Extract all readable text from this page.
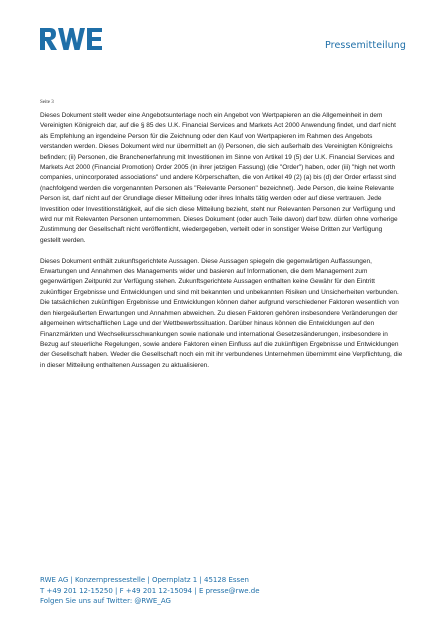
Pressemitteilung
Seite 3

Dieses Dokument stellt weder eine Angebotsunterlage noch ein Angebot von Wertpapieren an die Allgemeinheit in dem Vereinigten Königreich dar, auf die § 85 des U.K. Financial Services and Markets Act 2000 Anwendung findet, und darf nicht als Empfehlung an irgendeine Person für die Zeichnung oder den Kauf von Wertpapieren im Rahmen des Angebots verstanden werden. Dieses Dokument wird nur übermittelt an (i) Personen, die sich außerhalb des Vereinigten Königreichs befinden; (ii) Personen, die Branchenerfahrung mit Investitionen im Sinne von Artikel 19 (5) der U.K. Financial Services and Markets Act 2000 (Financial Promotion) Order 2005 (in ihrer jetzigen Fassung) (die "Order") haben, oder (iii) "high net worth companies, unincorporated associations" und andere Körperschaften, die von Artikel 49 (2) (a) bis (d) der Order erfasst sind (nachfolgend werden die vorgenannten Personen als "Relevante Personen" bezeichnet). Jede Person, die keine Relevante Person ist, darf nicht auf der Grundlage dieser Mitteilung oder ihres Inhalts tätig werden oder auf diese vertrauen. Jede Investition oder Investitionstätigkeit, auf die sich diese Mitteilung bezieht, steht nur Relevanten Personen zur Verfügung und wird nur mit Relevanten Personen unternommen. Dieses Dokument (oder auch Teile davon) darf bzw. dürfen ohne vorherige Zustimmung der Gesellschaft nicht veröffentlicht, wiedergegeben, verteilt oder in sonstiger Weise Dritten zur Verfügung gestellt werden.

Dieses Dokument enthält zukunftsgerichtete Aussagen. Diese Aussagen spiegeln die gegenwärtigen Auffassungen, Erwartungen und Annahmen des Managements wider und basieren auf Informationen, die dem Management zum gegenwärtigen Zeitpunkt zur Verfügung stehen. Zukunftsgerichtete Aussagen enthalten keine Gewähr für den Eintritt zukünftiger Ergebnisse und Entwicklungen und sind mit bekannten und unbekannten Risiken und Unsicherheiten verbunden. Die tatsächlichen zukünftigen Ergebnisse und Entwicklungen können daher aufgrund verschiedener Faktoren wesentlich von den hiergeäußerten Erwartungen und Annahmen abweichen. Zu diesen Faktoren gehören insbesondere Veränderungen der allgemeinen wirtschaftlichen Lage und der Wettbewerbssituation. Darüber hinaus können die Entwicklungen auf den Finanzmärkten und Wechselkursschwankungen sowie nationale und international Gesetzesänderungen, insbesondere in Bezug auf steuerliche Regelungen, sowie andere Faktoren einen Einfluss auf die zukünftigen Ergebnisse und Entwicklungen der Gesellschaft haben. Weder die Gesellschaft noch ein mit ihr verbundenes Unternehmen übernimmt eine Verpflichtung, die in dieser Mitteilung enthaltenen Aussagen zu aktualisieren.

RWE AG | Konzernpressestelle | Opernplatz 1 | 45128 Essen
T +49 201 12-15250 | F +49 201 12-15094 | E presse@rwe.de
Folgen Sie uns auf Twitter: @RWE_AG
